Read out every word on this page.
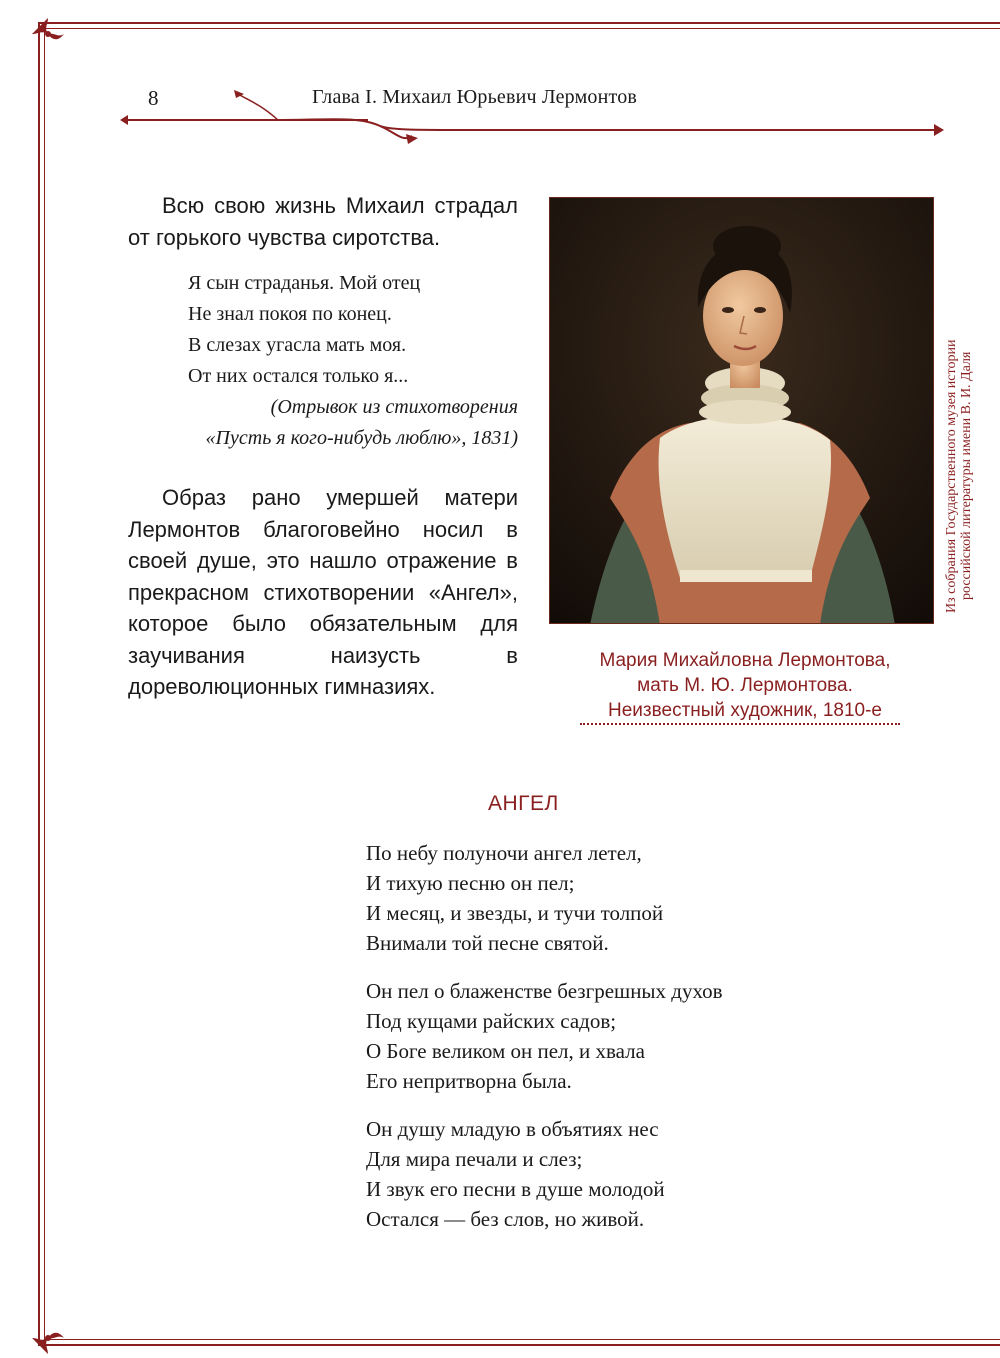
8	Глава I. Михаил Юрьевич Лермонтов

Всю свою жизнь Михаил страдал от горького чувства сиротства.

Я сын страданья. Мой отец
Не знал покоя по конец.
В слезах угасла мать моя.
От них остался только я...
(Отрывок из стихотворения
«Пусть я кого-нибудь люблю», 1831)

Образ рано умершей матери Лермонтов благоговейно носил в своей душе, это нашло отражение в прекрасном стихотворении «Ангел», которое было обязательным для заучивания наизусть в дореволюционных гимназиях.

Из собрания Государственного музея истории российской литературы имени В. И. Даля
Мария Михайловна Лермонтова,
мать М. Ю. Лермонтова.
Неизвестный художник, 1810-е
АНГЕЛ
По небу полуночи ангел летел,
И тихую песню он пел;
И месяц, и звезды, и тучи толпой
Внимали той песне святой.
Он пел о блаженстве безгрешных духов
Под кущами райских садов;
О Боге великом он пел, и хвала
Его непритворна была.
Он душу младую в объятиях нес
Для мира печали и слез;
И звук его песни в душе молодой
Остался — без слов, но живой.
